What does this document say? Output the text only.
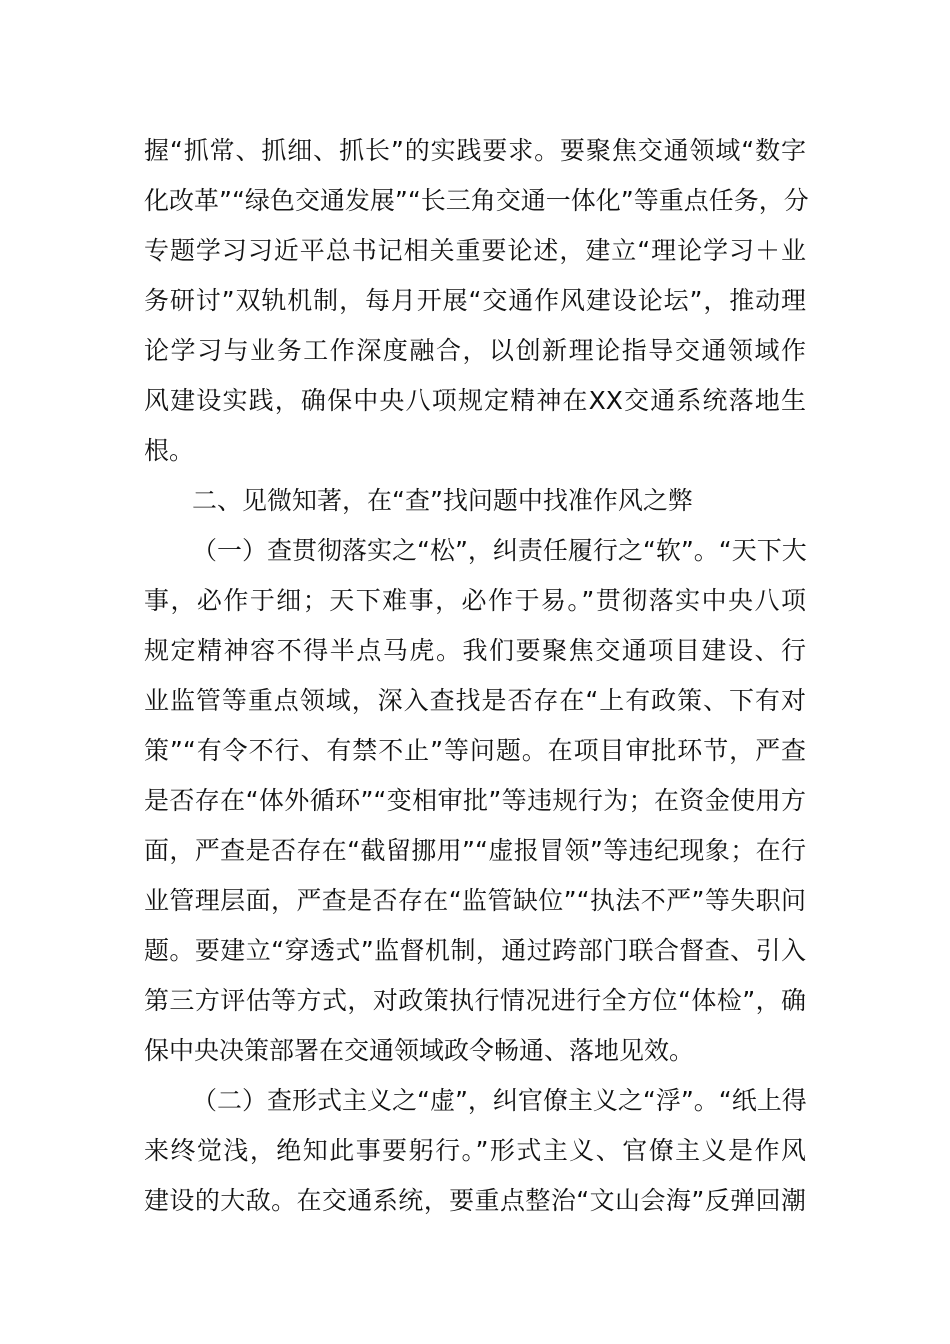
握“抓常、抓细、抓长”的实践要求。要聚焦交通领域“数字
化改革”“绿色交通发展”“长三角交通一体化”等重点任务，分
专题学习习近平总书记相关重要论述，建立“理论学习＋业
务研讨”双轨机制，每月开展“交通作风建设论坛”，推动理
论学习与业务工作深度融合，以创新理论指导交通领域作
风建设实践，确保中央八项规定精神在XX交通系统落地生
根。
二、见微知著，在“查”找问题中找准作风之弊
（一）查贯彻落实之“松”，纠责任履行之“软”。“天下大
事，必作于细；天下难事，必作于易。”贯彻落实中央八项
规定精神容不得半点马虎。我们要聚焦交通项目建设、行
业监管等重点领域，深入查找是否存在“上有政策、下有对
策”“有令不行、有禁不止”等问题。在项目审批环节，严查
是否存在“体外循环”“变相审批”等违规行为；在资金使用方
面，严查是否存在“截留挪用”“虚报冒领”等违纪现象；在行
业管理层面，严查是否存在“监管缺位”“执法不严”等失职问
题。要建立“穿透式”监督机制，通过跨部门联合督查、引入
第三方评估等方式，对政策执行情况进行全方位“体检”，确
保中央决策部署在交通领域政令畅通、落地见效。
（二）查形式主义之“虚”，纠官僚主义之“浮”。“纸上得
来终觉浅，绝知此事要躬行。”形式主义、官僚主义是作风
建设的大敌。在交通系统，要重点整治“文山会海”反弹回潮
